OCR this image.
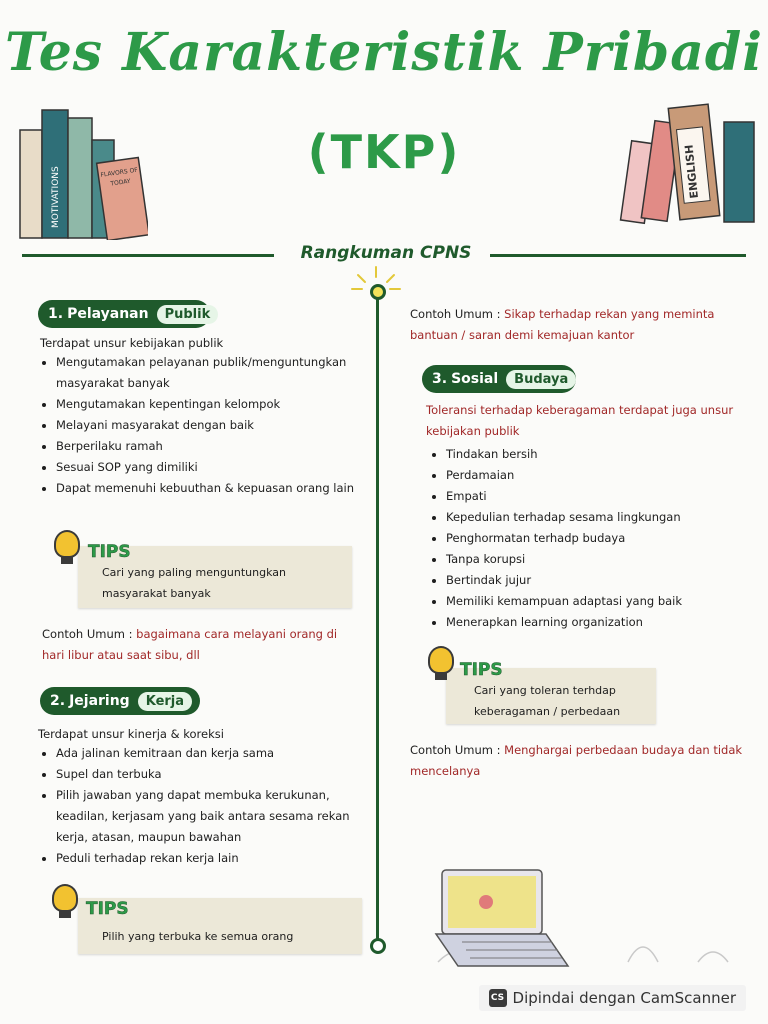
Tes Karakteristik Pribadi
(TKP)
MOTIVATIONS	FLAVORS OF TODAY	ENGLISH
Rangkuman CPNS
1. Pelayanan	Publik
Terdapat unsur kebijakan publik
• Mengutamakan pelayanan publik/menguntungkan masyarakat banyak
• Mengutamakan kepentingan kelompok
• Melayani masyarakat dengan baik
• Berperilaku ramah
• Sesuai SOP yang dimiliki
• Dapat memenuhi kebuuthan & kepuasan orang lain
Cari yang paling menguntungkan masyarakat banyak
TIPS
Contoh Umum : bagaimana cara melayani orang di hari libur atau saat sibu, dll
2. Jejaring	Kerja
Terdapat unsur kinerja & koreksi
• Ada jalinan kemitraan dan kerja sama
• Supel dan terbuka
• Pilih jawaban yang dapat membuka kerukunan, keadilan, kerjasam yang baik antara sesama rekan kerja, atasan, maupun bawahan
• Peduli terhadap rekan kerja lain
Pilih yang terbuka ke semua orang
TIPS
Contoh Umum : Sikap terhadap rekan yang meminta bantuan / saran demi kemajuan kantor
3. Sosial	Budaya
Toleransi terhadap keberagaman terdapat juga unsur kebijakan publik
• Tindakan bersih
• Perdamaian
• Empati
• Kepedulian terhadap sesama lingkungan
• Penghormatan terhadp budaya
• Tanpa korupsi
• Bertindak jujur
• Memiliki kemampuan adaptasi yang baik
• Menerapkan learning organization
Cari yang toleran terhdap keberagaman / perbedaan
TIPS
Contoh Umum : Menghargai perbedaan budaya dan tidak mencelanya
CS Dipindai dengan CamScanner
